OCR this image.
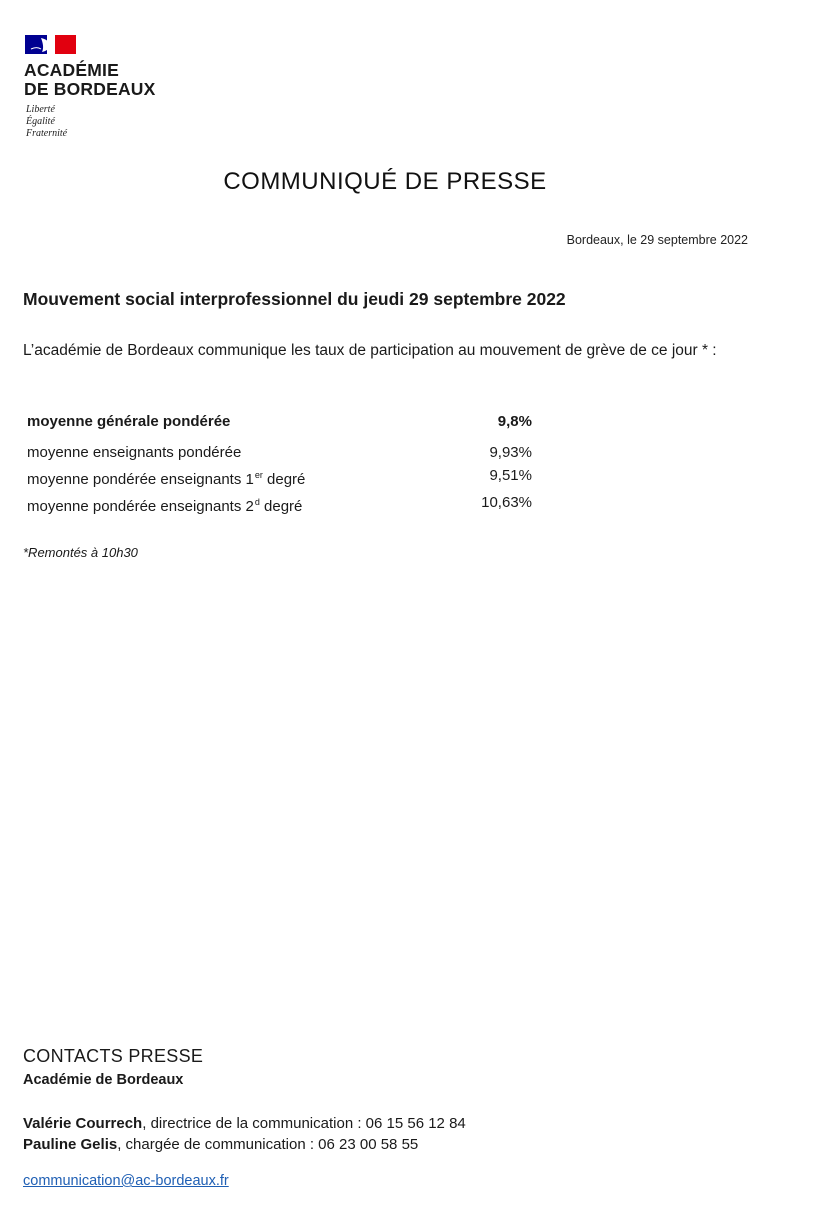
ACADÉMIE
DE BORDEAUX
Liberté
Égalité
Fraternité
COMMUNIQUÉ DE PRESSE
Bordeaux, le 29 septembre 2022
Mouvement social interprofessionnel du jeudi 29 septembre 2022
L’académie de Bordeaux communique les taux de participation au mouvement de grève de ce jour * :
moyenne générale pondérée	9,8%
moyenne enseignants pondérée	9,93%
moyenne pondérée enseignants 1er degré	9,51%
moyenne pondérée enseignants 2$^d$ degré	10,63%
*Remontés à 10h30
CONTACTS PRESSE
Académie de Bordeaux
Valérie Courrech, directrice de la communication : 06 15 56 12 84
Pauline Gelis, chargée de communication : 06 23 00 58 55
communication@ac-bordeaux.fr
